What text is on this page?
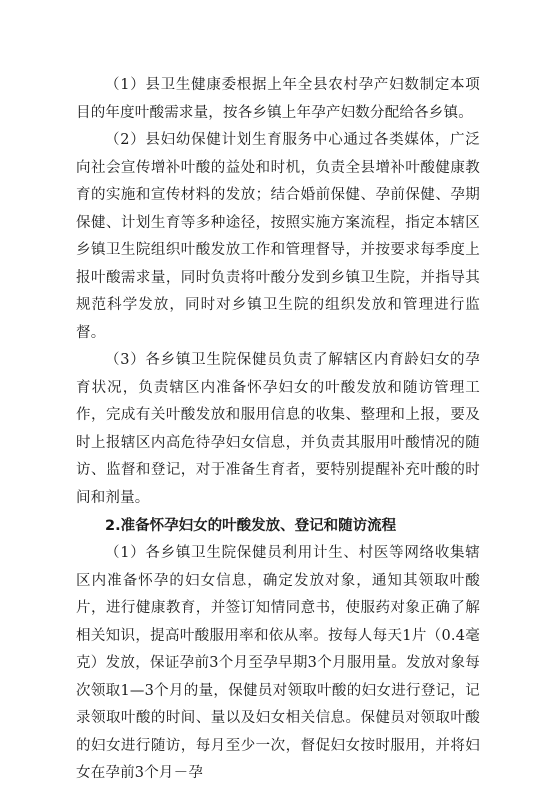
（1）县卫生健康委根据上年全县农村孕产妇数制定本项目的年度叶酸需求量，按各乡镇上年孕产妇数分配给各乡镇。

（2）县妇幼保健计划生育服务中心通过各类媒体，广泛向社会宣传增补叶酸的益处和时机，负责全县增补叶酸健康教育的实施和宣传材料的发放；结合婚前保健、孕前保健、孕期保健、计划生育等多种途径，按照实施方案流程，指定本辖区乡镇卫生院组织叶酸发放工作和管理督导，并按要求每季度上报叶酸需求量，同时负责将叶酸分发到乡镇卫生院，并指导其规范科学发放，同时对乡镇卫生院的组织发放和管理进行监督。

（3）各乡镇卫生院保健员负责了解辖区内育龄妇女的孕育状况，负责辖区内准备怀孕妇女的叶酸发放和随访管理工作，完成有关叶酸发放和服用信息的收集、整理和上报，要及时上报辖区内高危待孕妇女信息，并负责其服用叶酸情况的随访、监督和登记，对于准备生育者，要特别提醒补充叶酸的时间和剂量。

2.准备怀孕妇女的叶酸发放、登记和随访流程

（1）各乡镇卫生院保健员利用计生、村医等网络收集辖区内准备怀孕的妇女信息，确定发放对象，通知其领取叶酸片，进行健康教育，并签订知情同意书，使服药对象正确了解相关知识，提高叶酸服用率和依从率。按每人每天1片（0.4毫克）发放，保证孕前3个月至孕早期3个月服用量。发放对象每次领取1—3个月的量，保健员对领取叶酸的妇女进行登记，记录领取叶酸的时间、量以及妇女相关信息。保健员对领取叶酸的妇女进行随访，每月至少一次，督促妇女按时服用，并将妇女在孕前3个月－孕
